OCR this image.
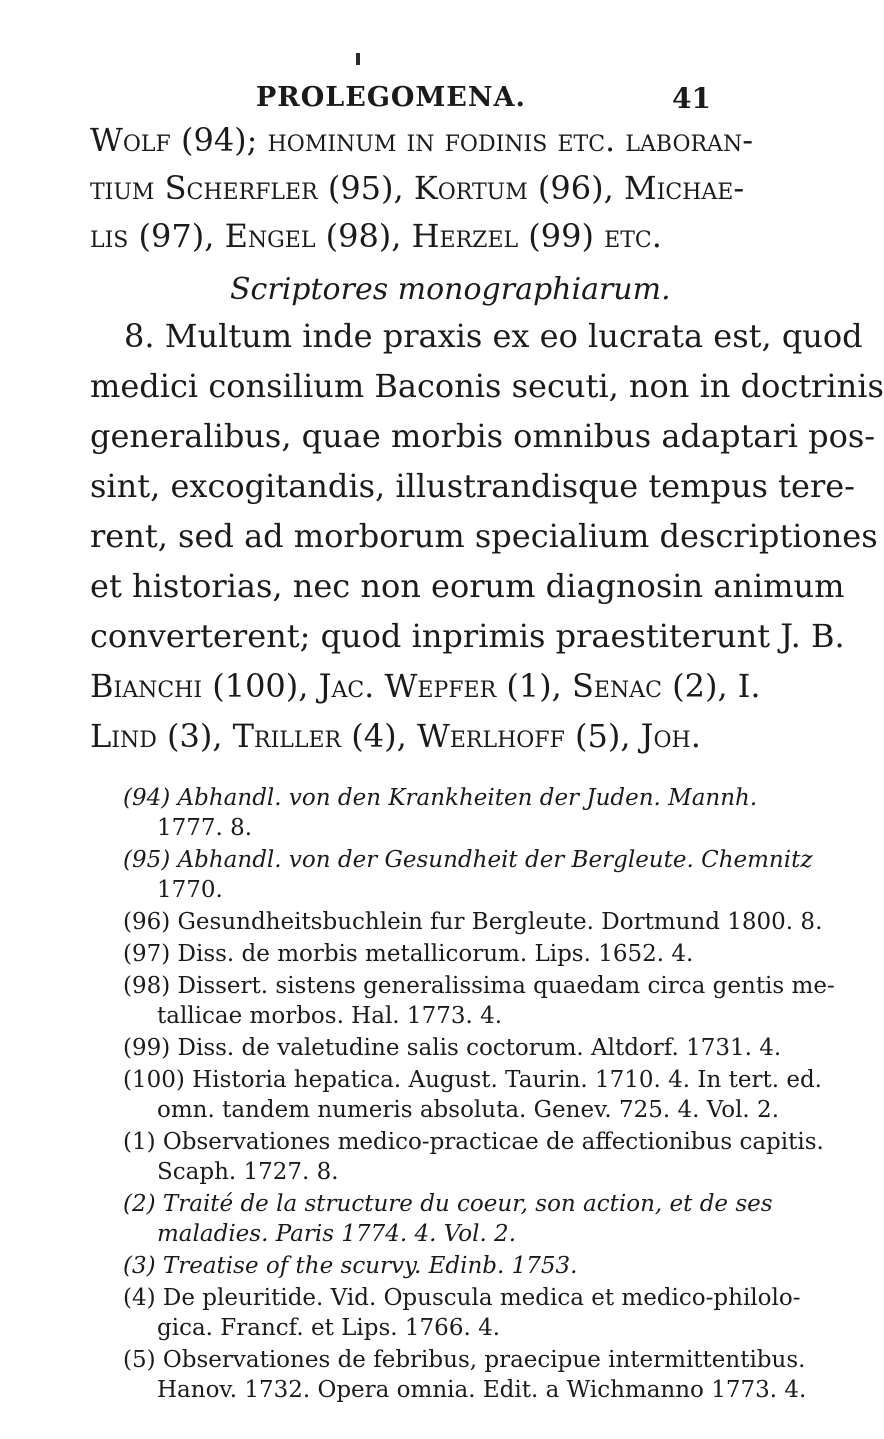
PROLEGOMENA.	41
Wolf (94); hominum in fodinis etc. laboran-
tium Scherfler (95), Kortum (96), Michae-
lis (97), Engel (98), Herzel (99) etc.
Scriptores monographiarum.
8. Multum inde praxis ex eo lucrata est, quod
medici consilium Baconis secuti, non in doctrinis
generalibus, quae morbis omnibus adaptari pos-
sint, excogitandis, illustrandisque tempus tere-
rent, sed ad morborum specialium descriptiones
et historias, nec non eorum diagnosin animum
converterent; quod inprimis praestiterunt J. B.
Bianchi (100), Jac. Wepfer (1), Senac (2), I.
Lind (3), Triller (4), Werlhoff (5), Joh.
(94) Abhandl. von den Krankheiten der Juden. Mannh.
1777. 8.
(95) Abhandl. von der Gesundheit der Bergleute. Chemnitz
1770.
(96) Gesundheitsbuchlein fur Bergleute. Dortmund 1800. 8.
(97) Diss. de morbis metallicorum. Lips. 1652. 4.
(98) Dissert. sistens generalissima quaedam circa gentis me-
tallicae morbos. Hal. 1773. 4.
(99) Diss. de valetudine salis coctorum. Altdorf. 1731. 4.
(100) Historia hepatica. August. Taurin. 1710. 4. In tert. ed.
omn. tandem numeris absoluta. Genev. 725. 4. Vol. 2.
(1) Observationes medico-practicae de affectionibus capitis.
Scaph. 1727. 8.
(2) Traité de la structure du coeur, son action, et de ses
maladies. Paris 1774. 4. Vol. 2.
(3) Treatise of the scurvy. Edinb. 1753.
(4) De pleuritide. Vid. Opuscula medica et medico-philolo-
gica. Francf. et Lips. 1766. 4.
(5) Observationes de febribus, praecipue intermittentibus.
Hanov. 1732. Opera omnia. Edit. a Wichmanno 1773. 4.
